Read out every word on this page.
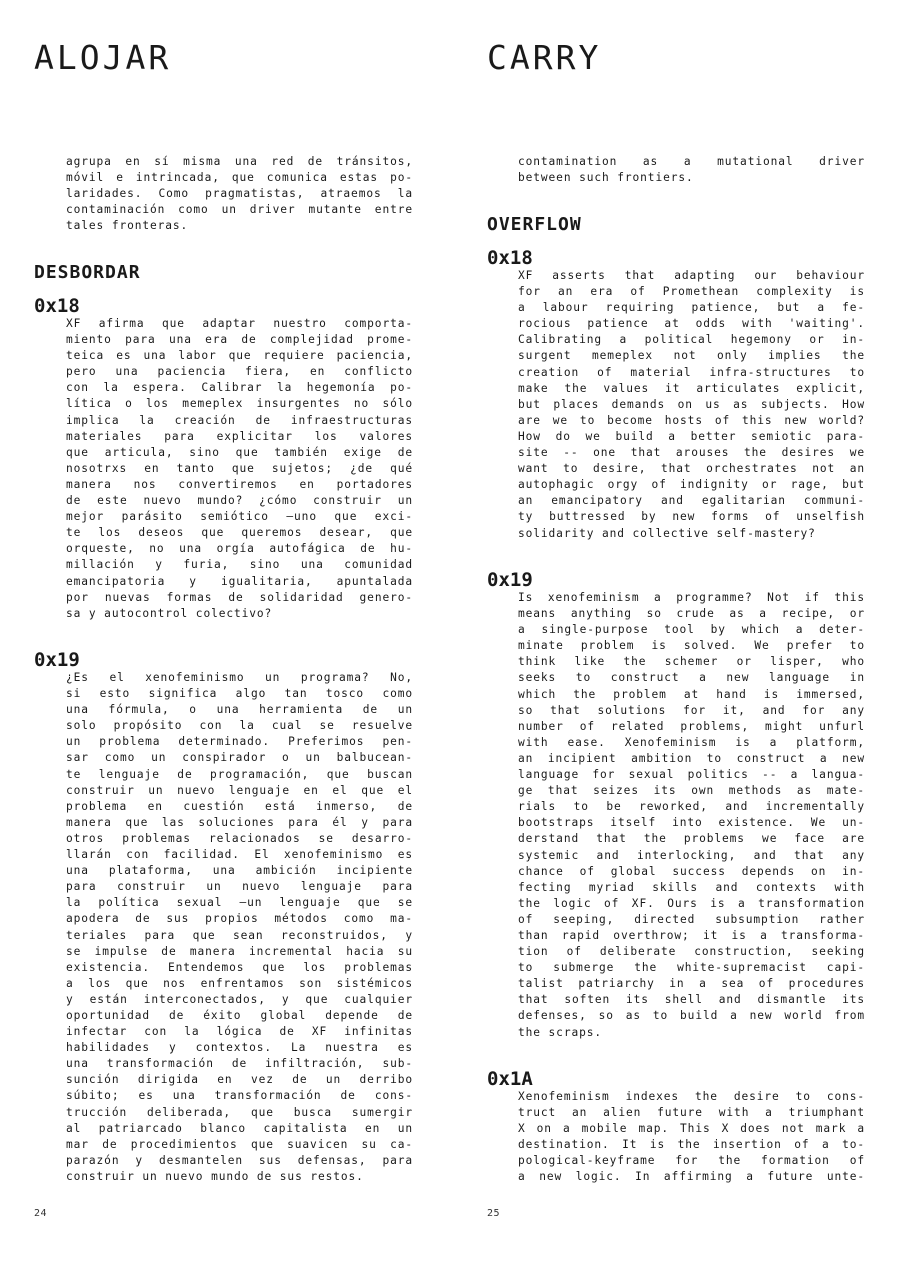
ALOJAR
agrupa en sí misma una red de tránsitos,
móvil e intrincada, que comunica estas po-
laridades. Como pragmatistas, atraemos la
contaminación como un driver mutante entre
tales fronteras.
DESBORDAR
0x18
XF afirma que adaptar nuestro comporta-
miento para una era de complejidad prome-
teica es una labor que requiere paciencia,
pero una paciencia fiera, en conflicto
con la espera. Calibrar la hegemonía po-
lítica o los memeplex insurgentes no sólo
implica la creación de infraestructuras
materiales para explicitar los valores
que articula, sino que también exige de
nosotrxs en tanto que sujetos; ¿de qué
manera nos convertiremos en portadores
de este nuevo mundo? ¿cómo construir un
mejor parásito semiótico —uno que exci-
te los deseos que queremos desear, que
orqueste, no una orgía autofágica de hu-
millación y furia, sino una comunidad
emancipatoria y igualitaria, apuntalada
por nuevas formas de solidaridad genero-
sa y autocontrol colectivo?
0x19
¿Es el xenofeminismo un programa? No,
si esto significa algo tan tosco como
una fórmula, o una herramienta de un
solo propósito con la cual se resuelve
un problema determinado. Preferimos pen-
sar como un conspirador o un balbucean-
te lenguaje de programación, que buscan
construir un nuevo lenguaje en el que el
problema en cuestión está inmerso, de
manera que las soluciones para él y para
otros problemas relacionados se desarro-
llarán con facilidad. El xenofeminismo es
una plataforma, una ambición incipiente
para construir un nuevo lenguaje para
la política sexual —un lenguaje que se
apodera de sus propios métodos como ma-
teriales para que sean reconstruidos, y
se impulse de manera incremental hacia su
existencia. Entendemos que los problemas
a los que nos enfrentamos son sistémicos
y están interconectados, y que cualquier
oportunidad de éxito global depende de
infectar con la lógica de XF infinitas
habilidades y contextos. La nuestra es
una transformación de infiltración, sub-
sunción dirigida en vez de un derribo
súbito; es una transformación de cons-
trucción deliberada, que busca sumergir
al patriarcado blanco capitalista en un
mar de procedimientos que suavicen su ca-
parazón y desmantelen sus defensas, para
construir un nuevo mundo de sus restos.
24
CARRY
contamination as a mutational driver
between such frontiers.
OVERFLOW
0x18
XF asserts that adapting our behaviour
for an era of Promethean complexity is
a labour requiring patience, but a fe-
rocious patience at odds with 'waiting'.
Calibrating a political hegemony or in-
surgent memeplex not only implies the
creation of material infra-structures to
make the values it articulates explicit,
but places demands on us as subjects. How
are we to become hosts of this new world?
How do we build a better semiotic para-
site -- one that arouses the desires we
want to desire, that orchestrates not an
autophagic orgy of indignity or rage, but
an emancipatory and egalitarian communi-
ty buttressed by new forms of unselfish
solidarity and collective self-mastery?
0x19
Is xenofeminism a programme? Not if this
means anything so crude as a recipe, or
a single-purpose tool by which a deter-
minate problem is solved. We prefer to
think like the schemer or lisper, who
seeks to construct a new language in
which the problem at hand is immersed,
so that solutions for it, and for any
number of related problems, might unfurl
with ease. Xenofeminism is a platform,
an incipient ambition to construct a new
language for sexual politics -- a langua-
ge that seizes its own methods as mate-
rials to be reworked, and incrementally
bootstraps itself into existence. We un-
derstand that the problems we face are
systemic and interlocking, and that any
chance of global success depends on in-
fecting myriad skills and contexts with
the logic of XF. Ours is a transformation
of seeping, directed subsumption rather
than rapid overthrow; it is a transforma-
tion of deliberate construction, seeking
to submerge the white-supremacist capi-
talist patriarchy in a sea of procedures
that soften its shell and dismantle its
defenses, so as to build a new world from
the scraps.
0x1A
Xenofeminism indexes the desire to cons-
truct an alien future with a triumphant
X on a mobile map. This X does not mark a
destination. It is the insertion of a to-
pological-keyframe for the formation of
a new logic. In affirming a future unte-
25
